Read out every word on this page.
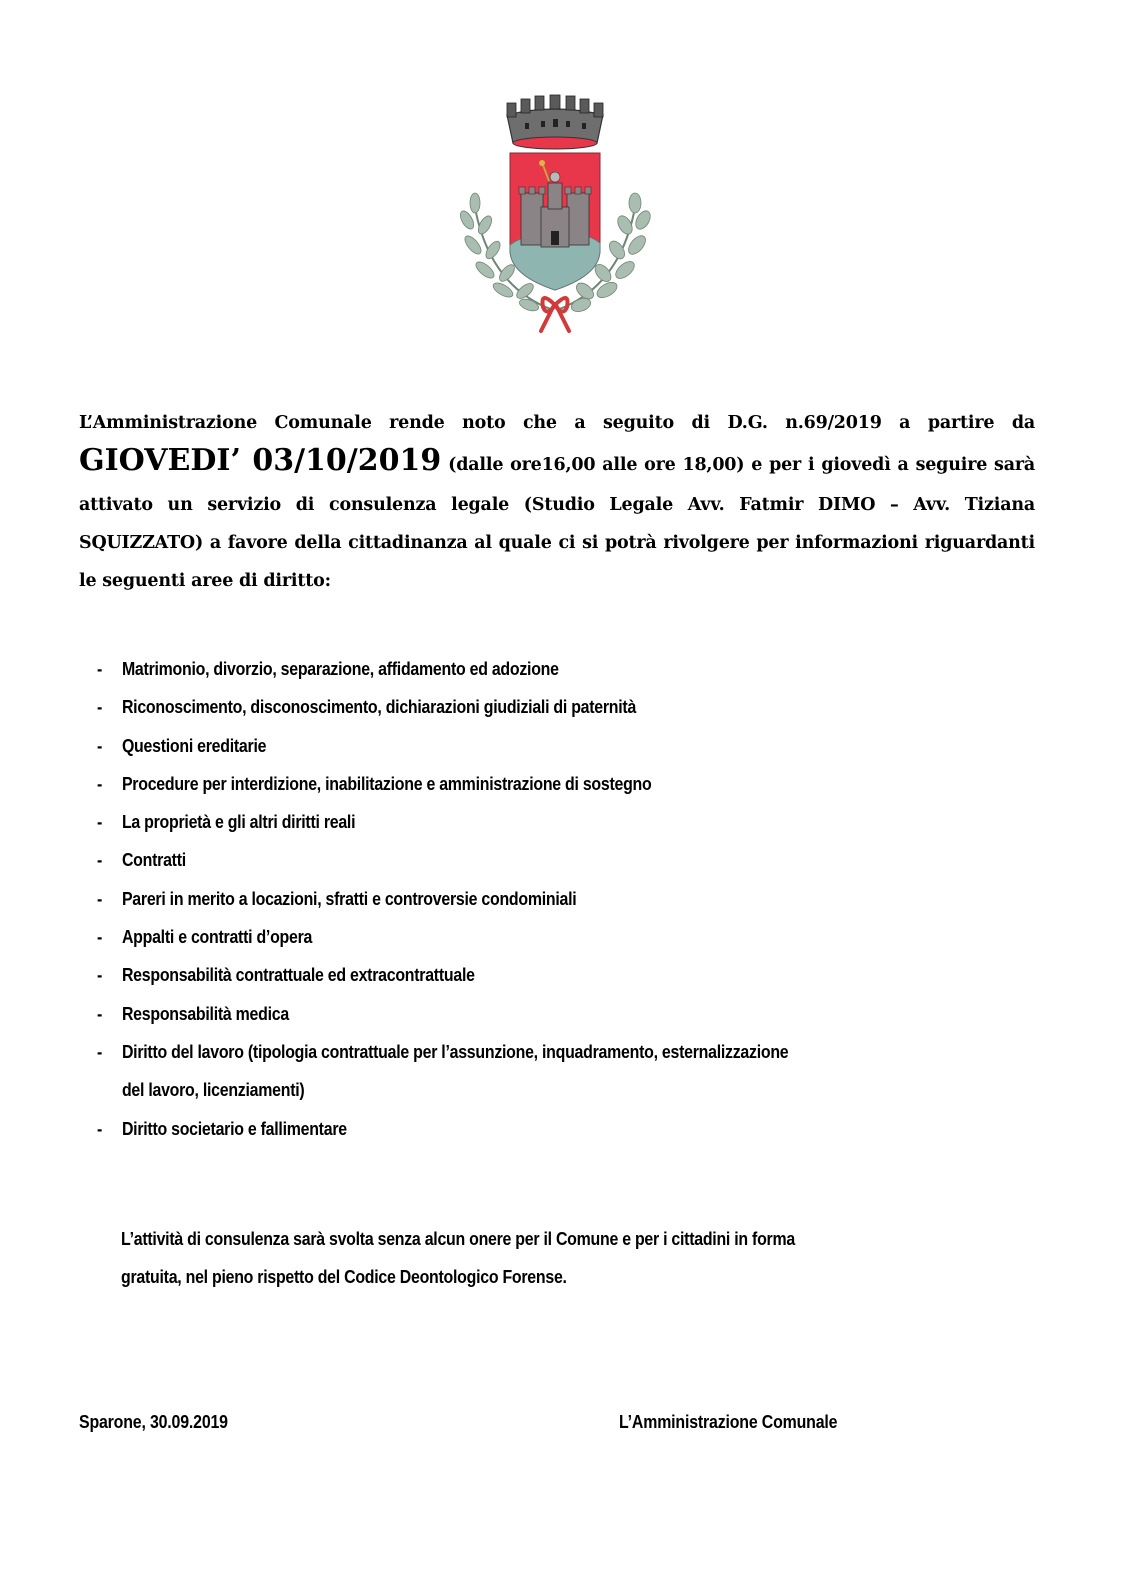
L’Amministrazione Comunale rende noto che a seguito di D.G. n.69/2019 a partire da
GIOVEDI’ 03/10/2019 (dalle ore16,00 alle ore 18,00) e per i giovedì a seguire sarà
attivato un servizio di consulenza legale (Studio Legale Avv. Fatmir DIMO – Avv. Tiziana
SQUIZZATO) a favore della cittadinanza al quale ci si potrà rivolgere per informazioni riguardanti
le seguenti aree di diritto:
- Matrimonio, divorzio, separazione, affidamento ed adozione
- Riconoscimento, disconoscimento, dichiarazioni giudiziali di paternità
- Questioni ereditarie
- Procedure per interdizione, inabilitazione e amministrazione di sostegno
- La proprietà e gli altri diritti reali
- Contratti
- Pareri in merito a locazioni, sfratti e controversie condominiali
- Appalti e contratti d’opera
- Responsabilità contrattuale ed extracontrattuale
- Responsabilità medica
- Diritto del lavoro (tipologia contrattuale per l’assunzione, inquadramento, esternalizzazione
del lavoro, licenziamenti)
- Diritto societario e fallimentare
L’attività di consulenza sarà svolta senza alcun onere per il Comune e per i cittadini in forma
gratuita, nel pieno rispetto del Codice Deontologico Forense.
Sparone, 30.09.2019	L’Amministrazione Comunale
